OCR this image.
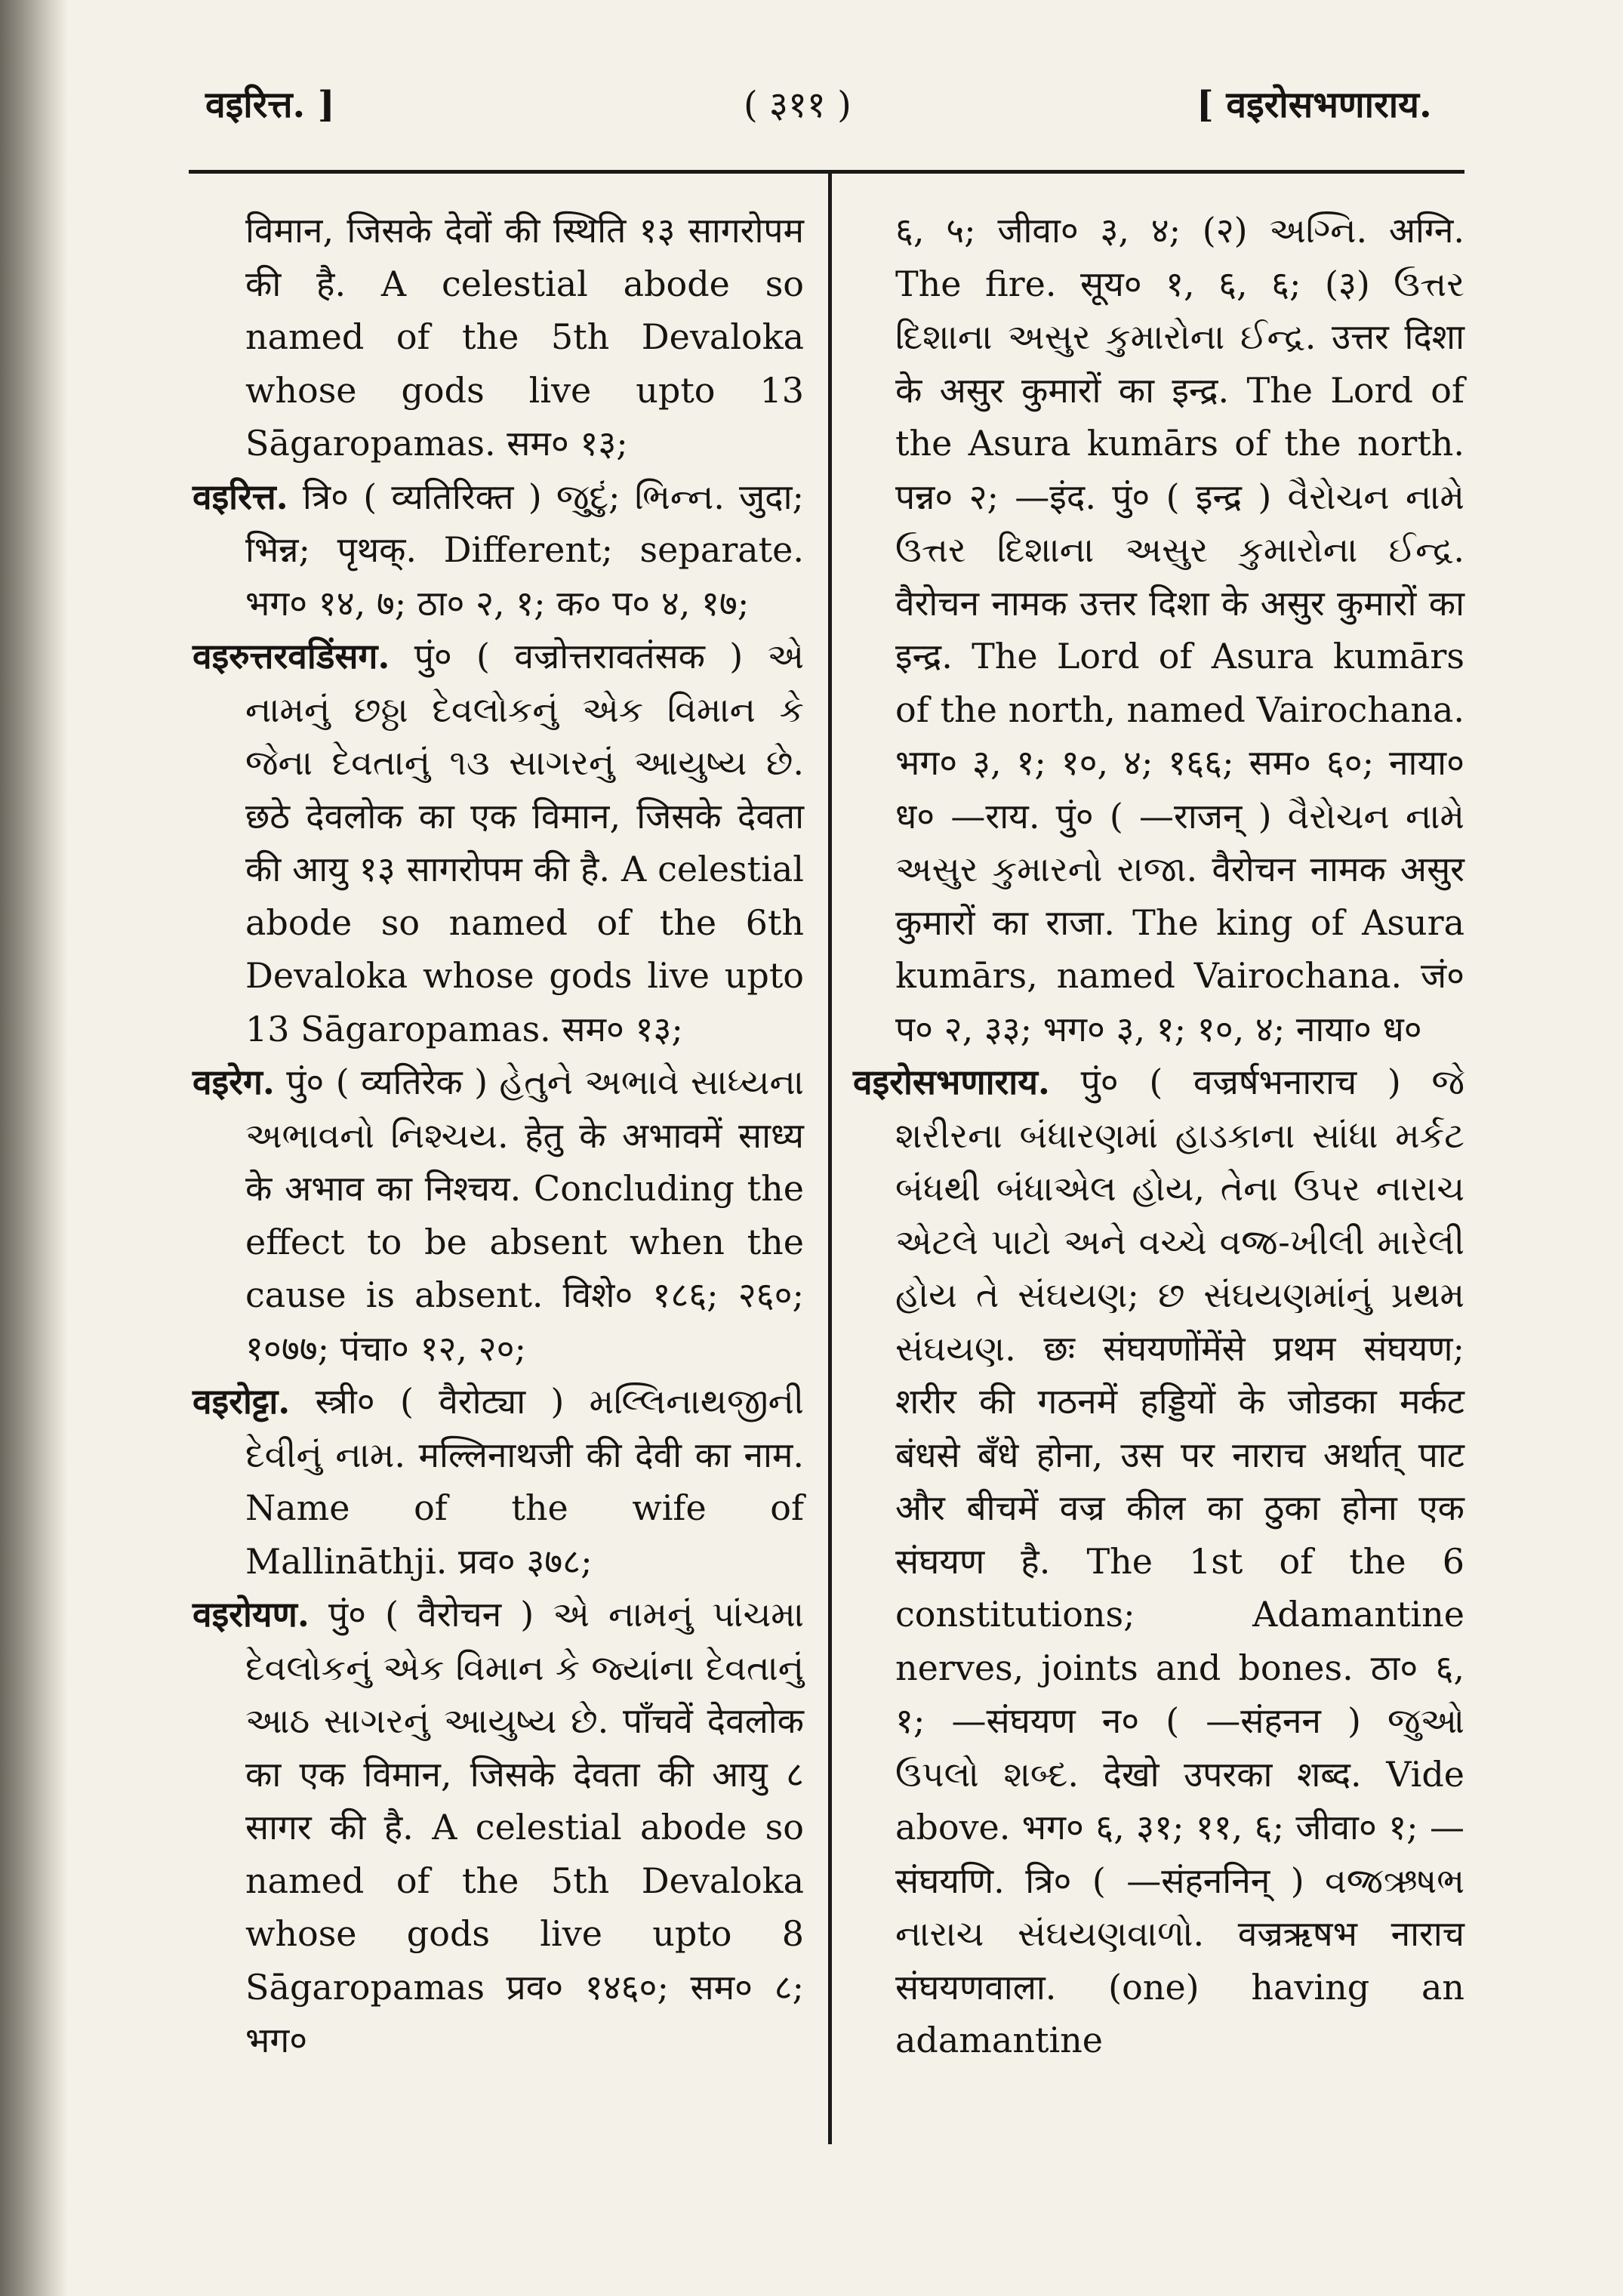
वइरित्त. ]	( ३११ )	[ वइरोसभणाराय.

विमान, जिसके देवों की स्थिति १३ सागरोपम की है. A celestial abode so named of the 5th Devaloka whose gods live upto 13 Sāgaropamas. सम० १३;

वइरित्त. त्रि० ( व्यतिरिक्त ) જુદું; ભિન્ન. जुदा; भिन्न; पृथक्. Different; separate. भग० १४, ७; ठा० २, १; क० प० ४, १७;

वइरुत्तरवडिंसग. पुं० ( वज्रोत्तरावतंसक ) એ નામનું છઠ્ઠા દેવલોકનું એક વિમાન કે જેના દેવતાનું ૧૩ સાગરનું આયુષ્ય છે. छठे देवलोक का एक विमान, जिसके देवता की आयु १३ सागरोपम की है. A celestial abode so named of the 6th Devaloka whose gods live upto 13 Sāgaropamas. सम० १३;

वइरेग. पुं० ( व्यतिरेक ) હેતુને અભાવે સાધ્યના અભાવનો નિશ્ચય. हेतु के अभावमें साध्य के अभाव का निश्चय. Concluding the effect to be absent when the cause is absent. विशे० १८६; २६०; १०७७; पंचा० १२, २०;

वइरोट्टा. स्त्री० ( वैरोट्या ) મલ્લિનાથજીની દેવીનું નામ. मल्लिनाथजी की देवी का नाम. Name of the wife of Mallināthji. प्रव० ३७८;

वइरोयण. पुं० ( वैरोचन ) એ નામનું પાંચમા દેવલોકનું એક વિમાન કે જ્યાંના દેવતાનું આઠ સાગરનું આયુષ્ય છે. पाँचवें देवलोक का एक विमान, जिसके देवता की आयु ८ सागर की है. A celestial abode so named of the 5th Devaloka whose gods live upto 8 Sāgaropamas प्रव० १४६०; सम० ८; भग०

६, ५; जीवा० ३, ४; (२) અગ્નિ. अग्नि. The fire. सूय० १, ६, ६; (३) ઉત્તર દિશાના અસુર કુમારોના ઈન્દ્ર. उत्तर दिशा के असुर कुमारों का इन्द्र. The Lord of the Asura kumārs of the north. पन्न० २; —इंद. पुं० ( इन्द्र ) વૈરોચન નામે ઉત્તર દિશાના અસુર કુમારોના ઈન્દ્ર. वैरोचन नामक उत्तर दिशा के असुर कुमारों का इन्द्र. The Lord of Asura kumārs of the north, named Vairochana. भग० ३, १; १०, ४; १६६; सम० ६०; नाया० ध० —राय. पुं० ( —राजन् ) વૈરોચન નામે અસુર કુમારનો રાજા. वैरोचन नामक असुर कुमारों का राजा. The king of Asura kumārs, named Vairochana. जं० प० २, ३३; भग० ३, १; १०, ४; नाया० ध०

वइरोसभणाराय. पुं० ( वज्रर्षभनाराच ) જે શરીરના બંધારણમાં હાડકાના સાંધા મર્કટ બંધથી બંધાએલ હોય, તેના ઉપર નારાચ એટલે પાટો અને વચ્ચે વજ્ર-ખીલી મારેલી હોય તે સંઘયણ; છ સંઘયણમાંનું પ્રથમ સંઘયણ. छः संघयणोंमेंसे प्रथम संघयण; शरीर की गठनमें हड्डियों के जोडका मर्कट बंधसे बँधे होना, उस पर नाराच अर्थात् पाट और बीचमें वज्र कील का ठुका होना एक संघयण है. The 1st of the 6 constitutions; Adamantine nerves, joints and bones. ठा० ६, १; —संघयण न० ( —संहनन ) જુઓ ઉપલો શબ્દ. देखो उपरका शब्द. Vide above. भग० ६, ३१; ११, ६; जीवा० १; —संघयणि. त्रि० ( —संहननिन् ) વજ્રઋષભ નારાચ સંઘયણવાળો. वज्रऋषभ नाराच संघयणवाला. (one) having an adamantine
